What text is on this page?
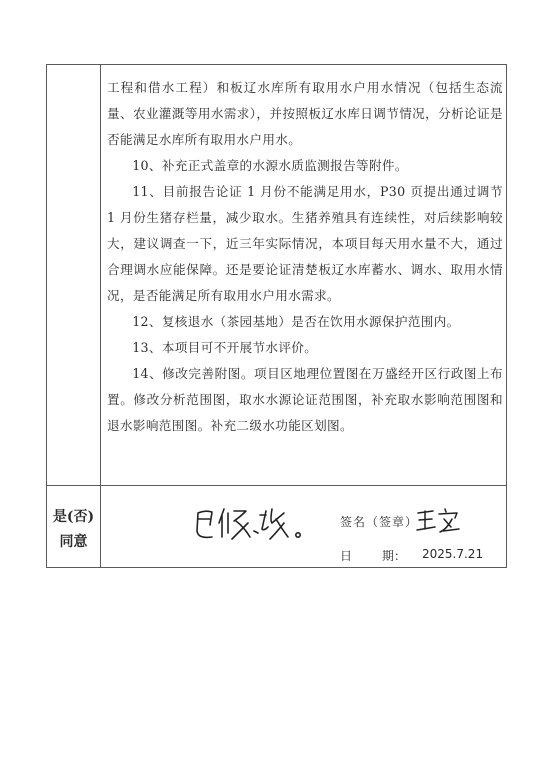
工程和借水工程）和板辽水库所有取用水户用水情况（包括生态流量、农业灌溉等用水需求），并按照板辽水库日调节情况，分析论证是否能满足水库所有取用水户用水。

10、补充正式盖章的水源水质监测报告等附件。

11、目前报告论证 1 月份不能满足用水，P30 页提出通过调节 1 月份生猪存栏量，减少取水。生猪养殖具有连续性，对后续影响较大，建议调查一下，近三年实际情况，本项目每天用水量不大，通过合理调水应能保障。还是要论证清楚板辽水库蓄水、调水、取用水情况，是否能满足所有取用水户用水需求。

12、复核退水（茶园基地）是否在饮用水源保护范围内。

13、本项目可不开展节水评价。

14、修改完善附图。项目区地理位置图在万盛经开区行政图上布置。修改分析范围图，取水水源论证范围图，补充取水影响范围图和退水影响范围图。补充二级水功能区划图。

是(否)
同意
签名（签章）
日	期： 2025.7.21
